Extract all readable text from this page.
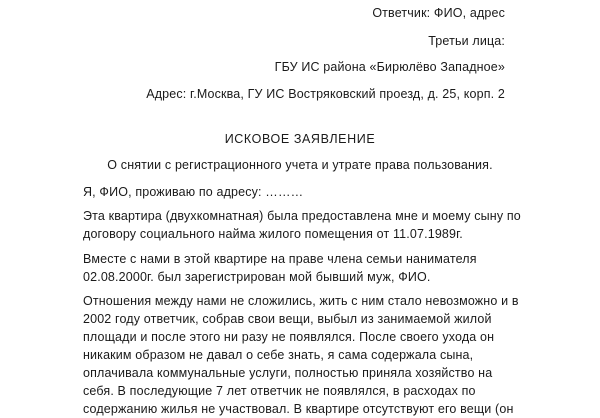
Ответчик: ФИО, адрес
Третьи лица:
ГБУ ИС района «Бирюлёво Западное»
Адрес: г.Москва, ГУ ИС Востряковский проезд, д. 25, корп. 2
ИСКОВОЕ ЗАЯВЛЕНИЕ
О снятии с регистрационного учета и утрате права пользования.
Я, ФИО, проживаю по адресу: ………
Эта квартира (двухкомнатная) была предоставлена мне и моему сыну по
договору социального найма жилого помещения от 11.07.1989г.
Вместе с нами в этой квартире на праве члена семьи нанимателя
02.08.2000г. был зарегистрирован мой бывший муж, ФИО.
Отношения между нами не сложились, жить с ним стало невозможно и в
2002 году ответчик, собрав свои вещи, выбыл из занимаемой жилой
площади и после этого ни разу не появлялся. После своего ухода он
никаким образом не давал о себе знать, я сама содержала сына,
оплачивала коммунальные услуги, полностью приняла хозяйство на
себя. В последующие 7 лет ответчик не появлялся, в расходах по
содержанию жилья не участвовал. В квартире отсутствуют его вещи (он
